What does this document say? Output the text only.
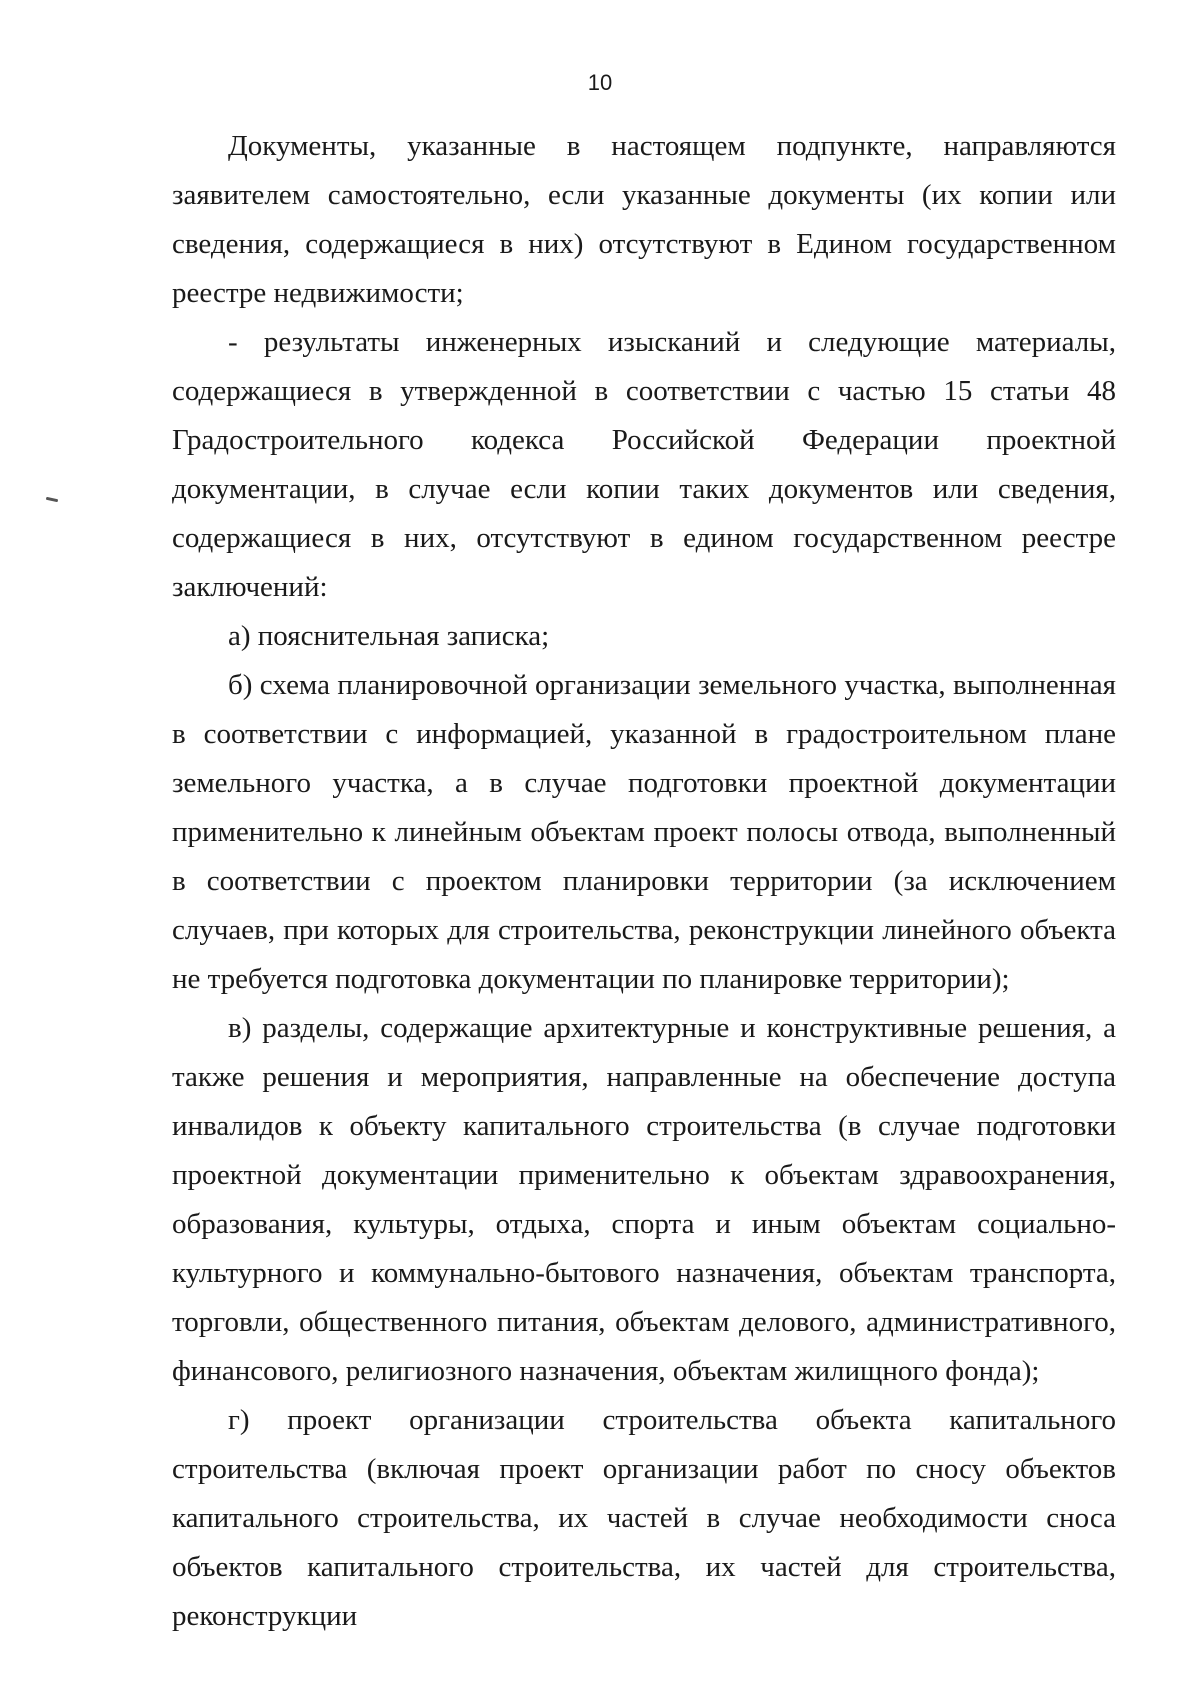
10

Документы, указанные в настоящем подпункте, направляются заявителем самостоятельно, если указанные документы (их копии или сведения, содержащиеся в них) отсутствуют в Едином государственном реестре недвижимости;

- результаты инженерных изысканий и следующие материалы, содержащиеся в утвержденной в соответствии с частью 15 статьи 48 Градостроительного кодекса Российской Федерации проектной документации, в случае если копии таких документов или сведения, содержащиеся в них, отсутствуют в едином государственном реестре заключений:

а) пояснительная записка;

б) схема планировочной организации земельного участка, выполненная в соответствии с информацией, указанной в градостроительном плане земельного участка, а в случае подготовки проектной документации применительно к линейным объектам проект полосы отвода, выполненный в соответствии с проектом планировки территории (за исключением случаев, при которых для строительства, реконструкции линейного объекта не требуется подготовка документации по планировке территории);

в) разделы, содержащие архитектурные и конструктивные решения, а также решения и мероприятия, направленные на обеспечение доступа инвалидов к объекту капитального строительства (в случае подготовки проектной документации применительно к объектам здравоохранения, образования, культуры, отдыха, спорта и иным объектам социально-культурного и коммунально-бытового назначения, объектам транспорта, торговли, общественного питания, объектам делового, административного, финансового, религиозного назначения, объектам жилищного фонда);

г) проект организации строительства объекта капитального строительства (включая проект организации работ по сносу объектов капитального строительства, их частей в случае необходимости сноса объектов капитального строительства, их частей для строительства, реконструкции
